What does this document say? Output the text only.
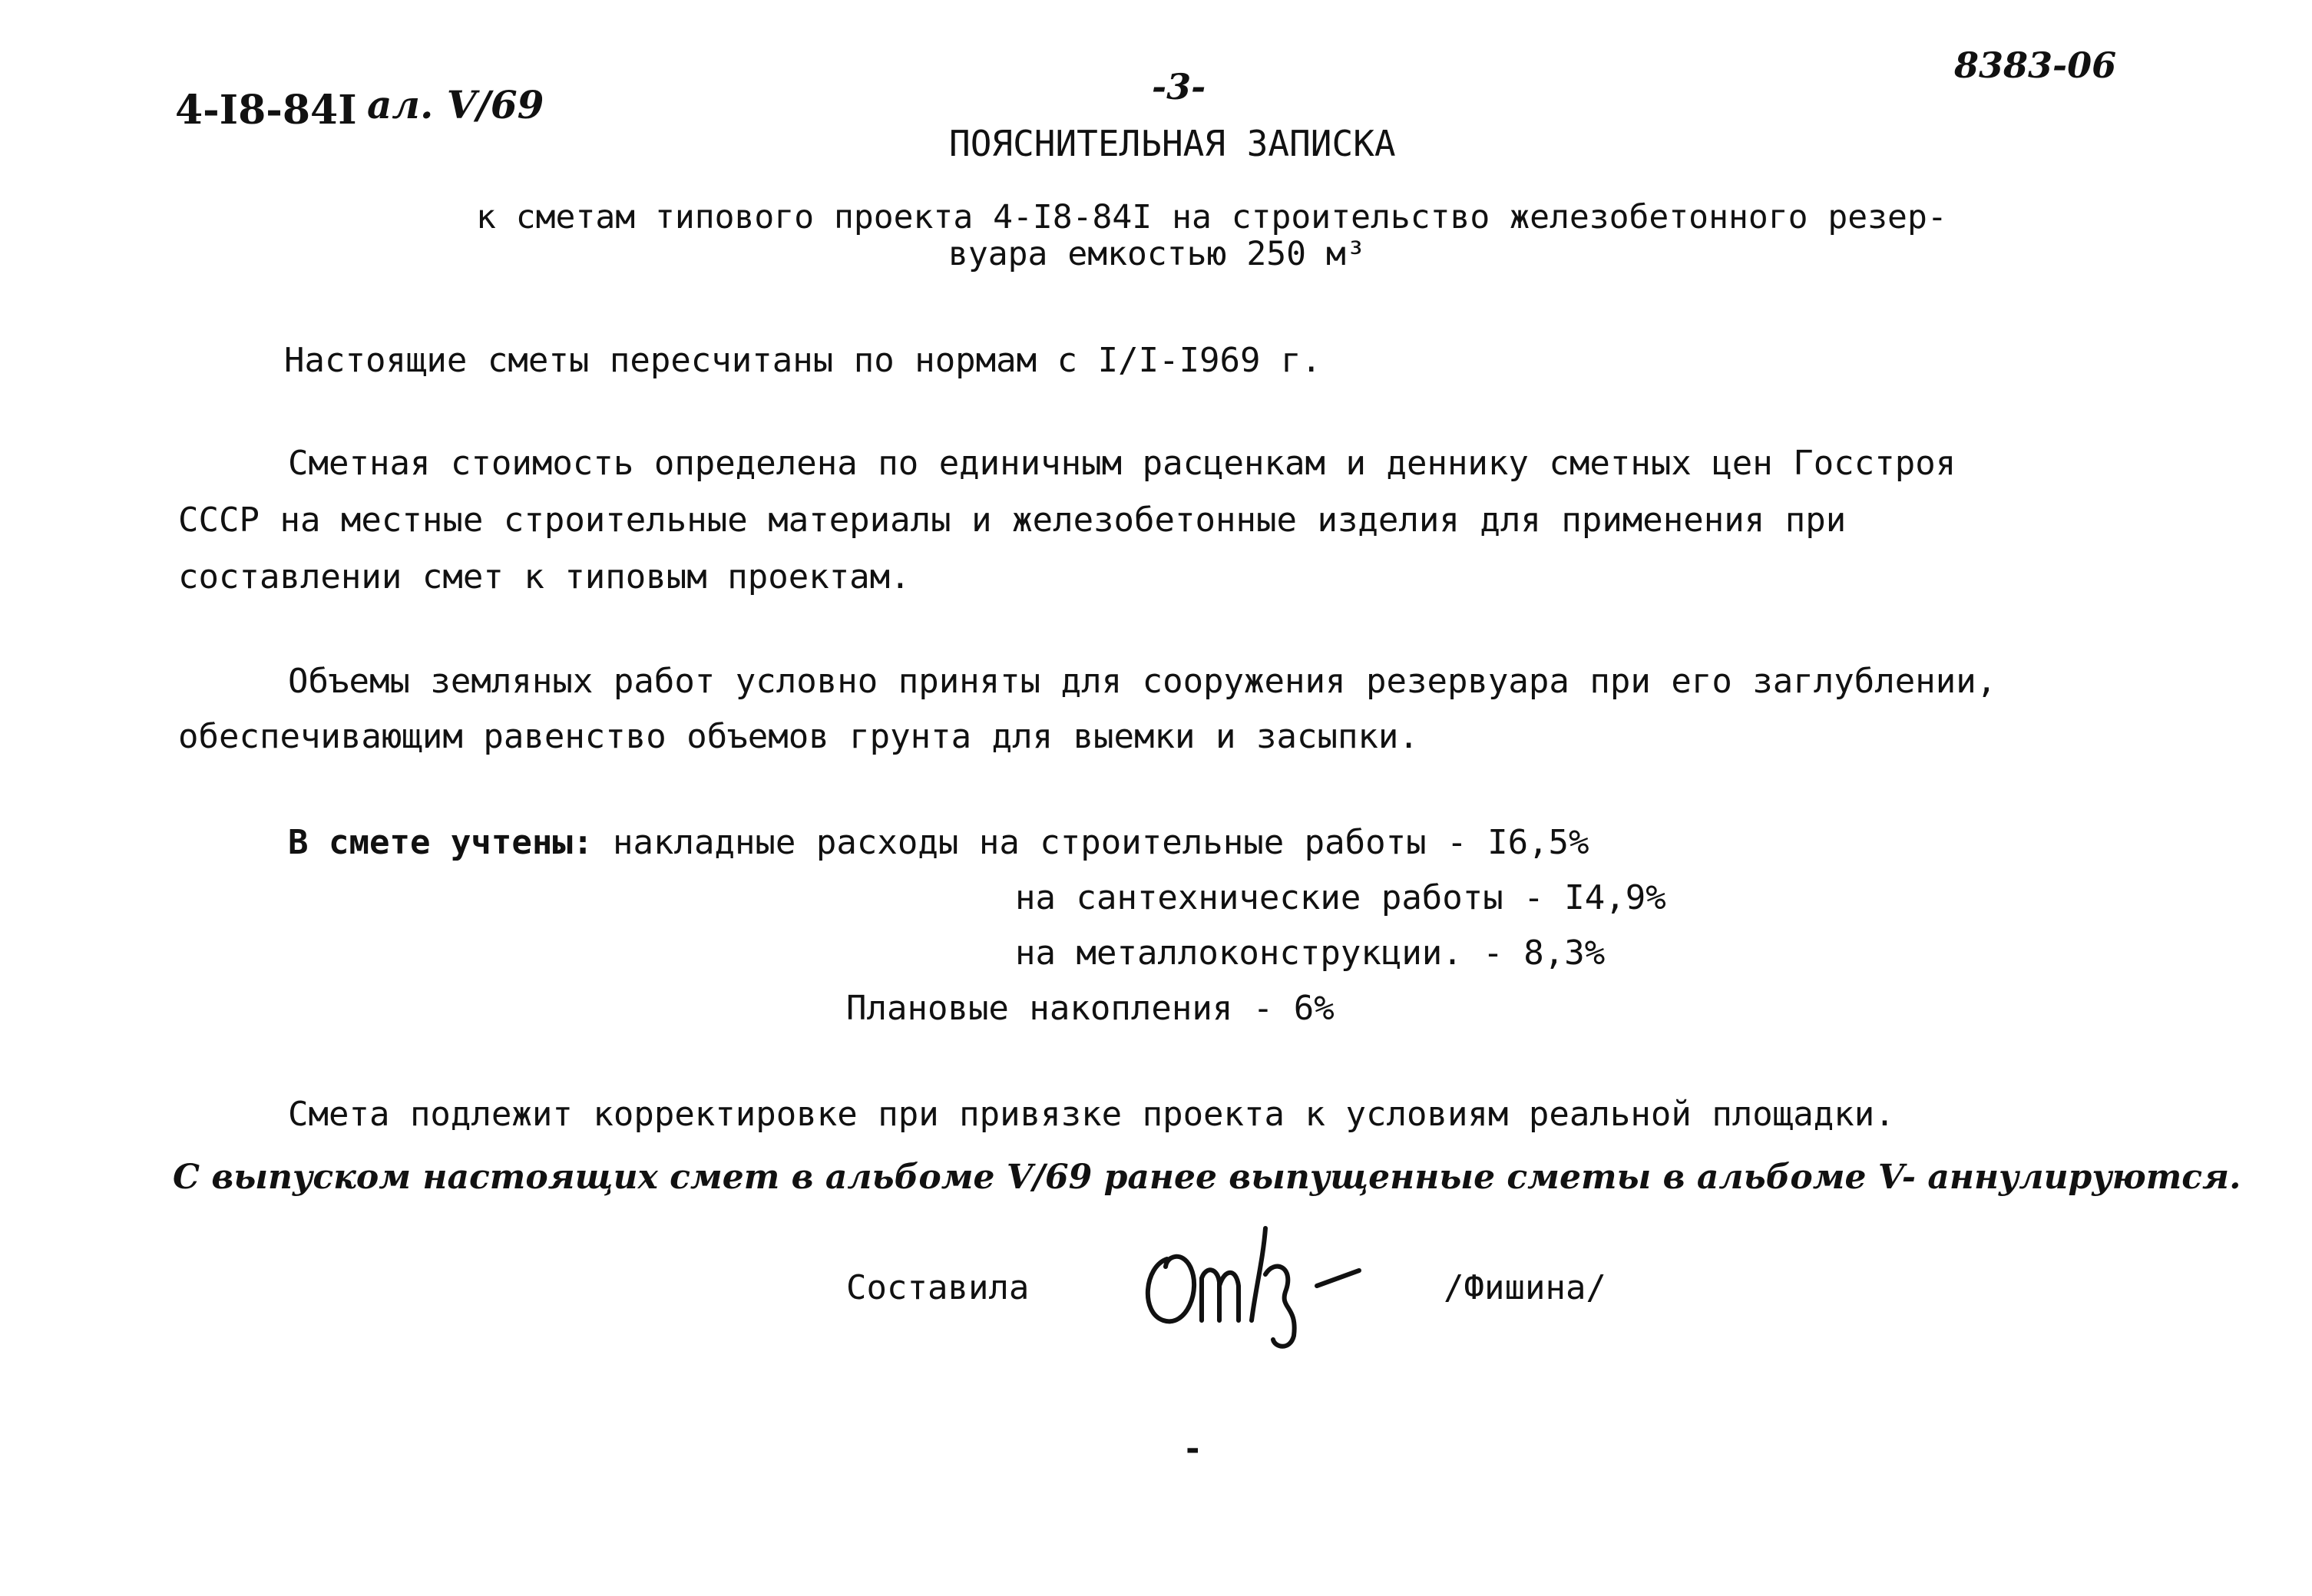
4-I8-84I ал. V/69	-3-
8383-06
ПОЯСНИТЕЛЬНАЯ ЗАПИСКА
к сметам типового проекта 4-I8-84I на строительство железобетонного резер-
вуара емкостью 250 м³
Настоящие сметы пересчитаны по нормам с I/I-I969 г.
Сметная стоимость определена по единичным расценкам и деннику сметных цен Госстроя
СССР на местные строительные материалы и железобетонные изделия для применения при
составлении смет к типовым проектам.
Объемы земляных работ условно приняты для сооружения резервуара при его заглублении,
обеспечивающим равенство объемов грунта для выемки и засыпки.
В смете учтены: накладные расходы на строительные работы - I6,5%
на сантехнические работы - I4,9%
на металлоконструкции. - 8,3%
Плановые накопления - 6%
Смета подлежит корректировке при привязке проекта к условиям реальной площадки.
С выпуском настоящих смет в альбоме V/69 ранее выпущенные сметы в альбоме V- аннулируются.
Составила	/Фишина/
-
